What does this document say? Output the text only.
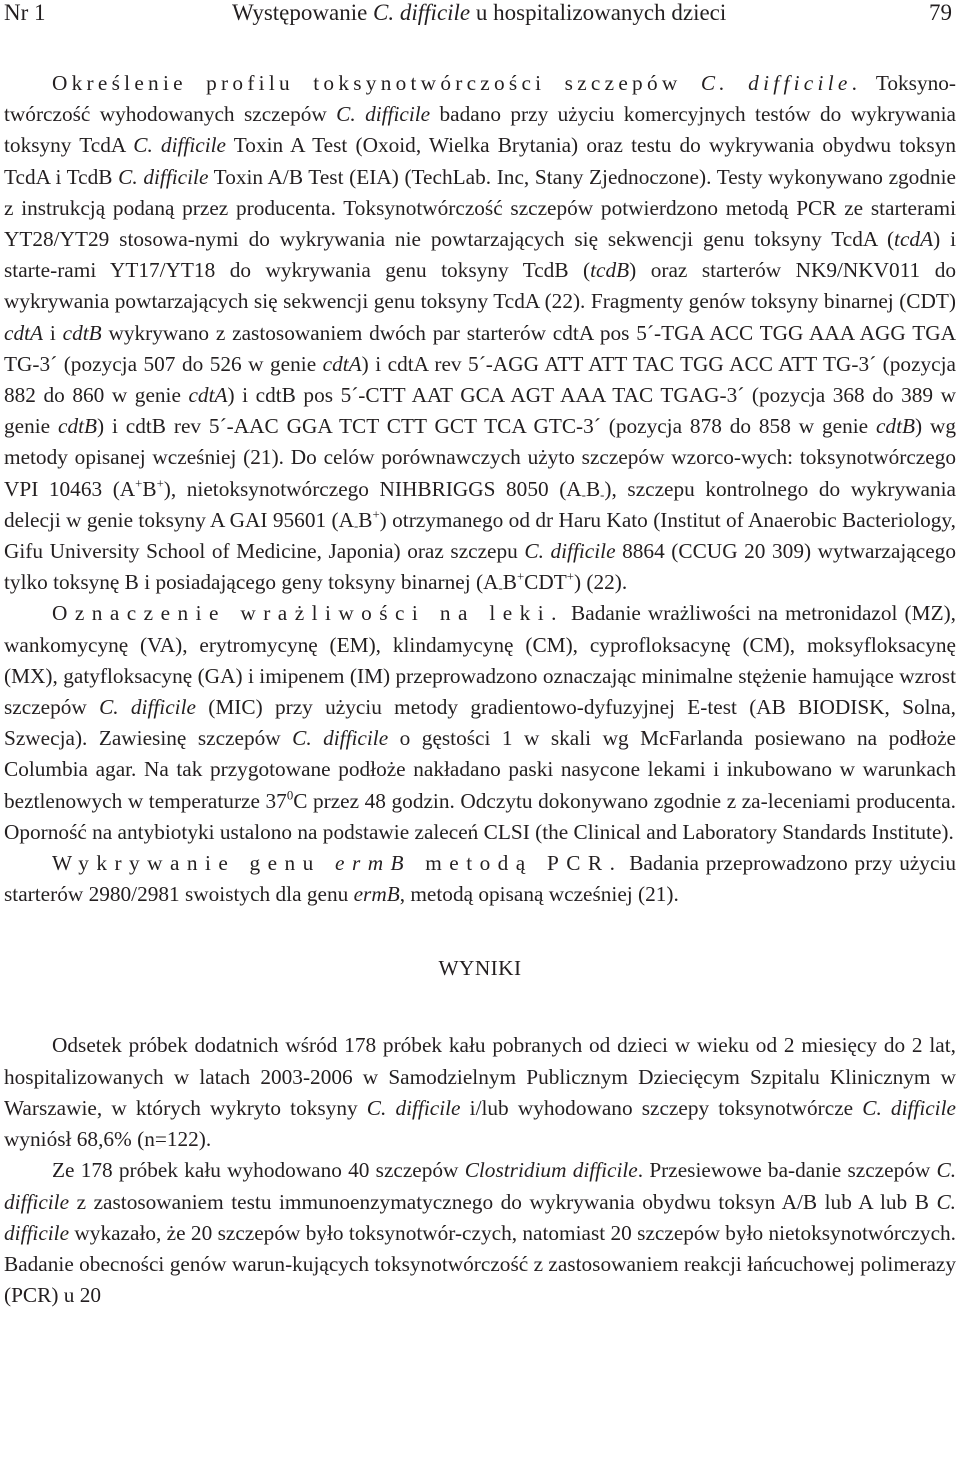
Nr 1	Występowanie C. difficile u hospitalizowanych dzieci	79

Określenie profilu toksynotwórczości szczepów C. difficile. Toksyno-twórczość wyhodowanych szczepów C. difficile badano przy użyciu komercyjnych testów do wykrywania toksyny TcdA C. difficile Toxin A Test (Oxoid, Wielka Brytania) oraz testu do wykrywania obydwu toksyn TcdA i TcdB C. difficile Toxin A/B Test (EIA) (TechLab. Inc, Stany Zjednoczone). Testy wykonywano zgodnie z instrukcją podaną przez producenta. Toksynotwórczość szczepów potwierdzono metodą PCR ze starterami YT28/YT29 stosowa-nymi do wykrywania nie powtarzających się sekwencji genu toksyny TcdA (tcdA) i starte-rami YT17/YT18 do wykrywania genu toksyny TcdB (tcdB) oraz starterów NK9/NKV011 do wykrywania powtarzających się sekwencji genu toksyny TcdA (22). Fragmenty genów toksyny binarnej (CDT) cdtA i cdtB wykrywano z zastosowaniem dwóch par starterów cdtA pos 5´-TGA ACC TGG AAA AGG TGA TG-3´ (pozycja 507 do 526 w genie cdtA) i cdtA rev 5´-AGG ATT ATT TAC TGG ACC ATT TG-3´ (pozycja 882 do 860 w genie cdtA) i cdtB pos 5´-CTT AAT GCA AGT AAA TAC TGAG-3´ (pozycja 368 do 389 w genie cdtB) i cdtB rev 5´-AAC GGA TCT CTT GCT TCA GTC-3´ (pozycja 878 do 858 w genie cdtB) wg metody opisanej wcześniej (21). Do celów porównawczych użyto szczepów wzorco-wych: toksynotwórczego VPI 10463 (A+B+), nietoksynotwórczego NIHBRIGGS 8050 $(A_-B_-)$, szczepu kontrolnego do wykrywania delecji w genie toksyny A GAI 95601 $(A_-B^+)$ otrzymanego od dr Haru Kato (Institut of Anaerobic Bacteriology, Gifu University School of Medicine, Japonia) oraz szczepu C. difficile 8864 (CCUG 20 309) wytwarzającego tylko toksynę B i posiadającego geny toksyny binarnej $(A_-B^+CDT^+)$ (22).

Oznaczenie wrażliwości na leki. Badanie wrażliwości na metronidazol (MZ), wankomycynę (VA), erytromycynę (EM), klindamycynę (CM), cyprofloksacynę (CM), moksyfloksacynę (MX), gatyfloksacynę (GA) i imipenem (IM) przeprowadzono oznaczając minimalne stężenie hamujące wzrost szczepów C. difficile (MIC) przy użyciu metody gradientowo-dyfuzyjnej E-test (AB BIODISK, Solna, Szwecja). Zawiesinę szczepów C. difficile o gęstości 1 w skali wg McFarlanda posiewano na podłoże Columbia agar. Na tak przygotowane podłoże nakładano paski nasycone lekami i inkubowano w warunkach beztlenowych w temperaturze $37^0C$ przez 48 godzin. Odczytu dokonywano zgodnie z za-leceniami producenta. Oporność na antybiotyki ustalono na podstawie zaleceń CLSI (the Clinical and Laboratory Standards Institute).

Wykrywanie genu ermB metodą PCR. Badania przeprowadzono przy użyciu starterów 2980/2981 swoistych dla genu ermB, metodą opisaną wcześniej (21).

WYNIKI

Odsetek próbek dodatnich wśród 178 próbek kału pobranych od dzieci w wieku od 2 miesięcy do 2 lat, hospitalizowanych w latach 2003-2006 w Samodzielnym Publicznym Dziecięcym Szpitalu Klinicznym w Warszawie, w których wykryto toksyny C. difficile i/lub wyhodowano szczepy toksynotwórcze C. difficile wyniósł 68,6% (n=122).

Ze 178 próbek kału wyhodowano 40 szczepów Clostridium difficile. Przesiewowe ba-danie szczepów C. difficile z zastosowaniem testu immunoenzymatycznego do wykrywania obydwu toksyn A/B lub A lub B C. difficile wykazało, że 20 szczepów było toksynotwór-czych, natomiast 20 szczepów było nietoksynotwórczych. Badanie obecności genów warun-kujących toksynotwórczość z zastosowaniem reakcji łańcuchowej polimerazy (PCR) u 20
